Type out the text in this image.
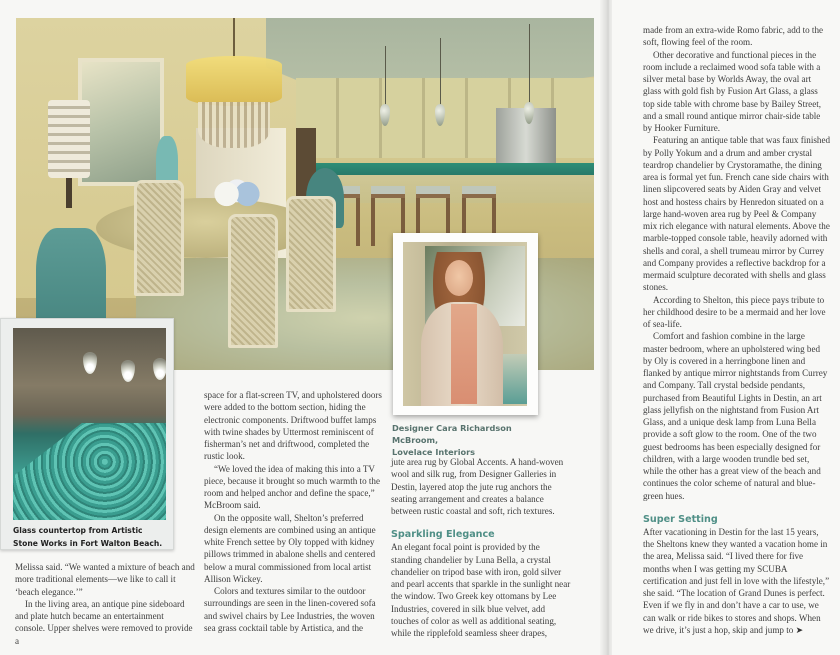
Glass countertop from Artistic Stone Works in Fort Walton Beach.
Designer Cara Richardson McBroom,
Lovelace Interiors

Melissa said. “We wanted a mixture of beach and more traditional elements—we like to call it ‘beach elegance.’”

In the living area, an antique pine sideboard and plate hutch became an entertainment console. Upper shelves were removed to provide a

space for a flat-screen TV, and upholstered doors were added to the bottom section, hiding the electronic components. Driftwood buffet lamps with twine shades by Uttermost reminiscent of fisherman’s net and driftwood, completed the rustic look.

“We loved the idea of making this into a TV piece, because it brought so much warmth to the room and helped anchor and define the space,” McBroom said.

On the opposite wall, Shelton’s preferred design elements are combined using an antique white French settee by Oly topped with kidney pillows trimmed in abalone shells and centered below a mural commissioned from local artist Allison Wickey.

Colors and textures similar to the outdoor surroundings are seen in the linen-covered sofa and swivel chairs by Lee Industries, the woven sea grass cocktail table by Artistica, and the

jute area rug by Global Accents. A hand-woven wool and silk rug, from Designer Galleries in Destin, layered atop the jute rug anchors the seating arrangement and creates a balance between rustic coastal and soft, rich textures.

Sparkling Elegance

An elegant focal point is provided by the standing chandelier by Luna Bella, a crystal chandelier on tripod base with iron, gold silver and pearl accents that sparkle in the sunlight near the window. Two Greek key ottomans by Lee Industries, covered in silk blue velvet, add touches of color as well as additional seating, while the ripplefold seamless sheer drapes,

made from an extra-wide Romo fabric, add to the soft, flowing feel of the room.

Other decorative and functional pieces in the room include a reclaimed wood sofa table with a silver metal base by Worlds Away, the oval art glass with gold fish by Fusion Art Glass, a glass top side table with chrome base by Bailey Street, and a small round antique mirror chair-side table by Hooker Furniture.

Featuring an antique table that was faux finished by Polly Yokum and a drum and amber crystal teardrop chandelier by Crystoramathe, the dining area is formal yet fun. French cane side chairs with linen slipcovered seats by Aiden Gray and velvet host and hostess chairs by Henredon situated on a large hand-woven area rug by Peel & Company mix rich elegance with natural elements. Above the marble-topped console table, heavily adorned with shells and coral, a shell trumeau mirror by Currey and Company provides a reflective backdrop for a mermaid sculpture decorated with shells and glass stones.

According to Shelton, this piece pays tribute to her childhood desire to be a mermaid and her love of sea-life.

Comfort and fashion combine in the large master bedroom, where an upholstered wing bed by Oly is covered in a herringbone linen and flanked by antique mirror nightstands from Currey and Company. Tall crystal bedside pendants, purchased from Beautiful Lights in Destin, an art glass jellyfish on the nightstand from Fusion Art Glass, and a unique desk lamp from Luna Bella provide a soft glow to the room. One of the two guest bedrooms has been especially designed for children, with a large wooden trundle bed set, while the other has a great view of the beach and continues the color scheme of natural and blue-green hues.

Super Setting

After vacationing in Destin for the last 15 years, the Sheltons knew they wanted a vacation home in the area, Melissa said. “I lived there for five months when I was getting my SCUBA certification and just fell in love with the lifestyle,” she said. “The location of Grand Dunes is perfect. Even if we fly in and don’t have a car to use, we can walk or ride bikes to stores and shops. When we drive, it’s just a hop, skip and jump to ➤
